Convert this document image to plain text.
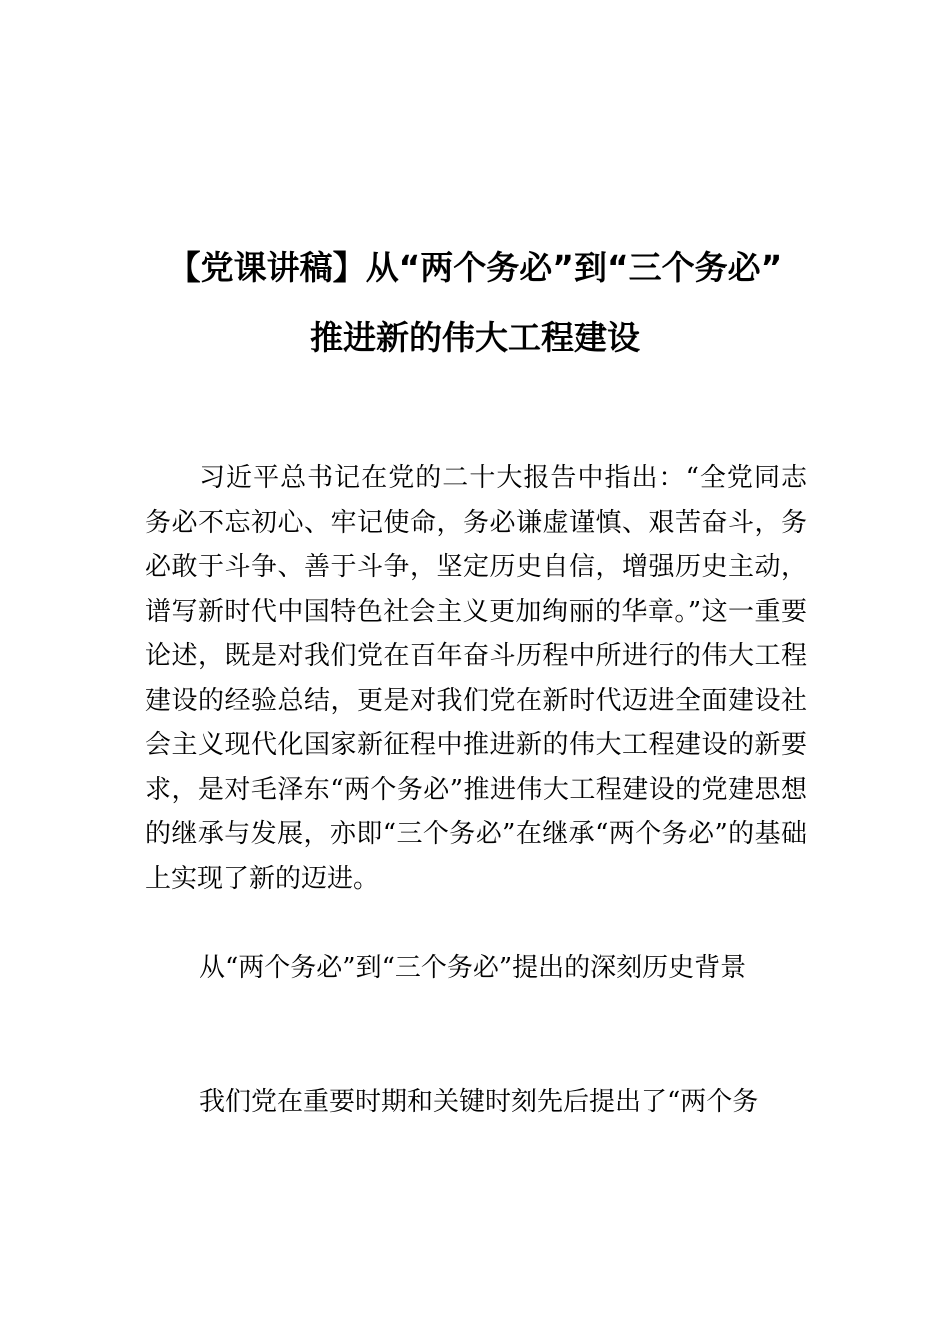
【党课讲稿】从“两个务必”到“三个务必”
推进新的伟大工程建设

习近平总书记在党的二十大报告中指出：“全党同志务必不忘初心、牢记使命，务必谦虚谨慎、艰苦奋斗，务必敢于斗争、善于斗争，坚定历史自信，增强历史主动，谱写新时代中国特色社会主义更加绚丽的华章。”这一重要论述，既是对我们党在百年奋斗历程中所进行的伟大工程建设的经验总结，更是对我们党在新时代迈进全面建设社会主义现代化国家新征程中推进新的伟大工程建设的新要求，是对毛泽东“两个务必”推进伟大工程建设的党建思想的继承与发展，亦即“三个务必”在继承“两个务必”的基础上实现了新的迈进。

从“两个务必”到“三个务必”提出的深刻历史背景

我们党在重要时期和关键时刻先后提出了“两个务
